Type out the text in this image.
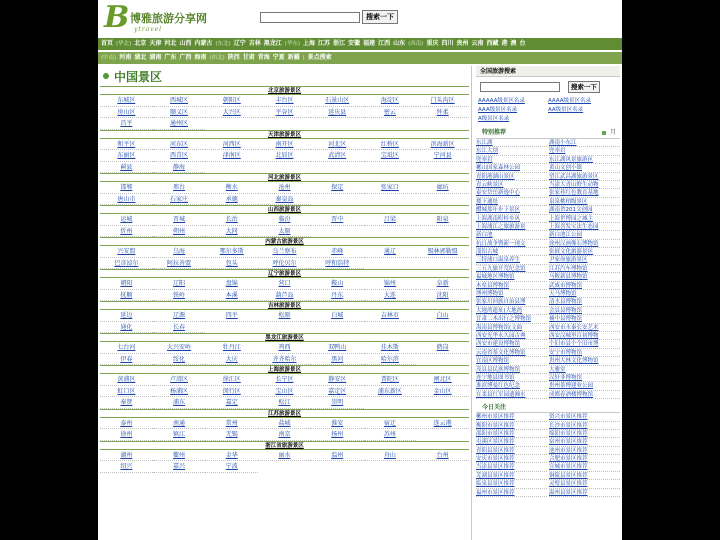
B 博雅旅游分享网
ytravel
搜索一下
首页 (华北) 北京 天津 河北 山西 内蒙古 (东北) 辽宁 吉林 黑龙江 (华东) 上海 江苏 浙江 安徽 福建 江西 山东 (西南) 重庆 四川 贵州 云南 西藏 港 澳 台
(中南) 河南 湖北 湖南 广东 广西 海南 (西北) 陕西 甘肃 青海 宁夏 新疆 | 景点搜索
中国景区
北京旅游景区
东城区	西城区	朝阳区	丰台区	石景山区	海淀区	门头沟区
房山区	顺义区	大兴区	平谷区	延庆县	密云	怀柔
昌平	通州区
天津旅游景区
和平区	河东区	河西区	南开区	河北区	红桥区	滨海新区
东丽区	西青区	津南区	北辰区	武清区	宝坻区	宁河县
蓟县	静海
河北旅游景区
邯郸	邢台	衡水	沧州	保定	张家口	廊坊
唐山市	石家庄	承德	秦皇岛
山西旅游景区
运城	晋城	长治	临汾	晋中	吕梁	阳泉
忻州	朔州	大同	太原
内蒙古旅游景区
兴安盟	乌海	鄂尔多斯	乌兰察布	赤峰	通辽	锡林郭勒盟
巴彦淖尔	阿拉善盟	包头	呼伦贝尔	呼和浩特
辽宁旅游景区
朝阳	辽阳	盘锦	营口	鞍山	锦州	阜新
抚顺	铁岭	本溪	葫芦岛	丹东	大连	沈阳
吉林旅游景区
延边	辽源	四平	松原	白城	吉林市	白山
通化	长春
黑龙江旅游景区
七台河	大兴安岭	牡丹江	鸡西	双鸭山	佳木斯	鹤岗
伊春	绥化	大庆	齐齐哈尔	黑河	哈尔滨
上海旅游景区
黄浦区	卢湾区	徐汇区	长宁区	静安区	普陀区	闸北区
虹口区	杨浦区	闵行区	宝山区	嘉定区	浦东新区	金山区
奉贤	浦东	嘉定	松江	崇明
江苏旅游景区
泰州	南通	常州	盐城	淮安	宿迁	连云港
徐州	镇江	无锡	南京	扬州	苏州
浙江省旅游景区
湖州	衢州	金华	丽水	温州	舟山	台州
绍兴	嘉兴	宁波
全国旅游搜索
搜索一下
AAAAA级景区名录	AAAA级景区名录
AAA级景区名录	AA级景区名录
A级景区名录
特别推荐	月
东江湖	湖南小东江
东江大坝	兜率岩
兜率岩	东江湖风景旅游区
郴山国家森林公园	黄山文创小镇
青阳港湖山景区	望江武昌湖旅游景区
青云峡景区	当涂大青山野生动物
泰安岱岳新逸中心	张家巷红色教育基地
搂下通址	泉泉桃柏级景区
醴城那年步下景区	湖南省201文创园
上海湖南町桂乡风	上海世博园之城主
上海浦江之旅旅游景	上海喜发宝法生态园
新白池	新白池江公园
抗日战争暨新一现文	徐州汉画像石博物馆
淄铝古城	张掖文化旅游景区
三特浦口温泉养生	尹家峁旅游景区
三五九旅开荒纪念馆	江苏汽车博物馆
福城地区博物馆	马鞍新县博物馆
木垒县博物馆	武威市博物馆
博州博物馆	天马博物馆
张家川回族自治县博	清水县博物馆
大地湾遗址(大地湾	会县县博物馆
甘肃二木出行之博物馆	楠中县博物馆
海南县博物馆(文曲	西安市水秦长安艺术
西安光华永久园古典	西安汉城里百初博物
西安市建设博物馆	个旧市县个个旧市博
云南省茶文化博物馆	安宁市博物馆
宜南区博物馆	贵州大林文化博物馆
茂县县民族博物馆	大雅堂
连宁地县图书馆	汉轩非博物馆
淮滨博曼红色纪念	贵州茶博建业公园
在柔县红军园遗湘水	成都春酒楼博物馆
今日关注
郴州市景区推荐	资兴市景区推荐
衡阳市景区推荐	长沙市景区推荐
邵阳市景区推荐	绵阳市景区推荐
屯溪区景区推荐	宿州市景区推荐
青阳县景区推荐	池州市景区推荐
安庆市景区推荐	合肥市景区推荐
当涂县景区推荐	宣城市景区推荐
芜湖县景区推荐	铜陵县景区推荐
临泉县景区推荐	灵璧县景区推荐
福州市景区推荐	温州县景区推荐
